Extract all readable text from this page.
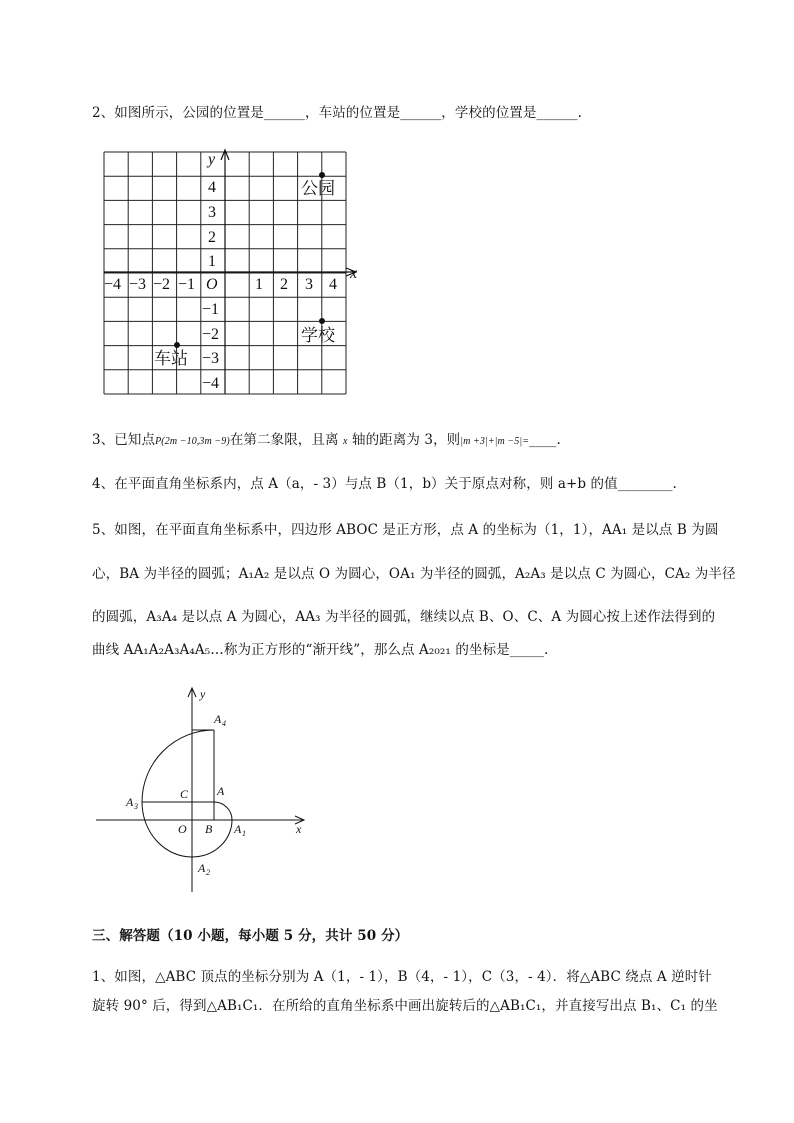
2、如图所示，公园的位置是______，车站的位置是______，学校的位置是______.
y
x
O
−4 −3 −2 −1	1 2 3 4
4
3
2
1
−1
−2
−3
−4
公园
学校
车站
3、已知点P(2m −10,3m −9)在第二象限，且离 x 轴的距离为 3，则|m +3|+|m −5|=____.
4、在平面直角坐标系内，点 A（a，- 3）与点 B（1，b）关于原点对称，则 a+b 的值________.
5、如图，在平面直角坐标系中，四边形 ABOC 是正方形，点 A 的坐标为（1，1），AA₁ 是以点 B 为圆
心，BA 为半径的圆弧；A₁A₂ 是以点 O 为圆心，OA₁ 为半径的圆弧，A₂A₃ 是以点 C 为圆心，CA₂ 为半径
的圆弧，A₃A₄ 是以点 A 为圆心，AA₃ 为半径的圆弧，继续以点 B、O、C、A 为圆心按上述作法得到的
曲线 AA₁A₂A₃A₄A₅…称为正方形的“渐开线”，那么点 A₂₀₂₁ 的坐标是_____.
y
x
O B
A
C
A 1
A 2
A 3
A 4
三、解答题（10 小题，每小题 5 分，共计 50 分）
1、如图，△ABC 顶点的坐标分别为 A（1，- 1），B（4，- 1），C（3，- 4）．将△ABC 绕点 A 逆时针
旋转 90° 后，得到△AB₁C₁．在所给的直角坐标系中画出旋转后的△AB₁C₁，并直接写出点 B₁、C₁ 的坐
